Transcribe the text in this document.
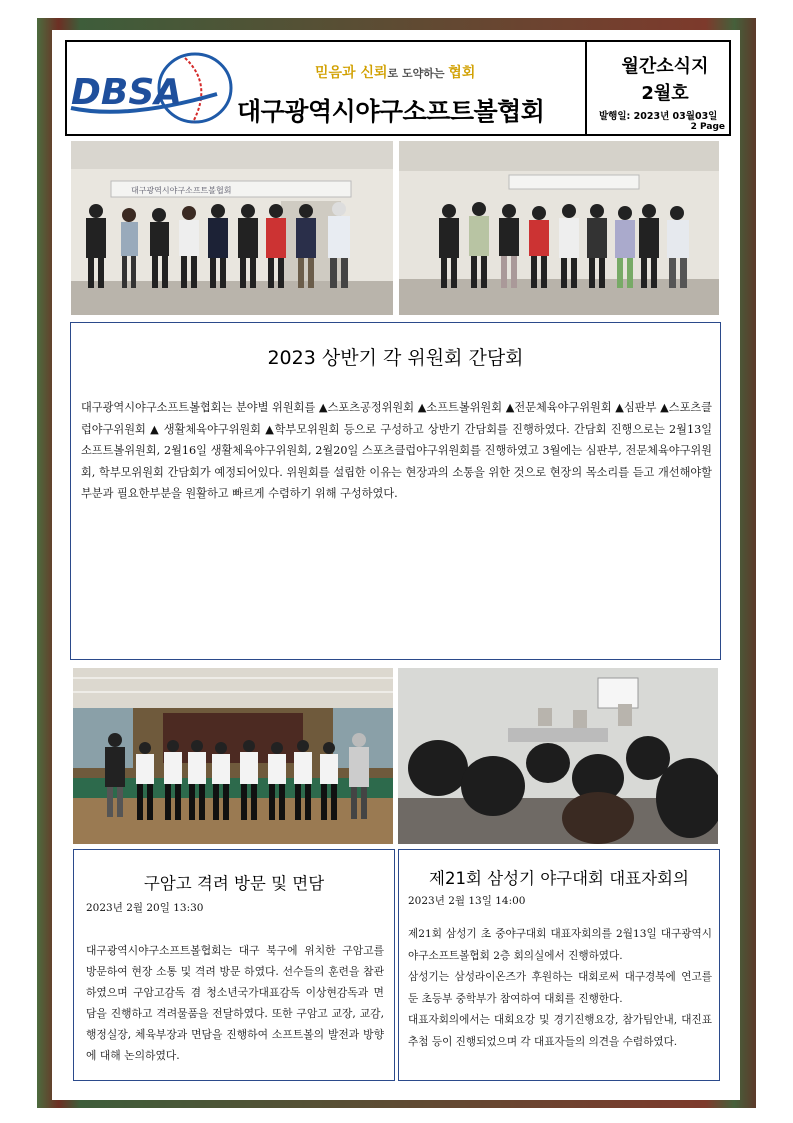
DBSA	믿음과 신뢰로 도약하는 협회
대구광역시야구소프트볼협회
월간소식지
2월호
발행일: 2023년 03월03일
2 Page
대구광역시야구소프트볼협회
2023 상반기 각 위원회 간담회
대구광역시야구소프트볼협회는 분야별 위원회를 ▲스포츠공정위원회 ▲소프트볼위원회 ▲전문체육야구위원회 ▲심판부 ▲스포츠클럽야구위원회 ▲ 생활체육야구위원회 ▲학부모위원회 등으로 구성하고 상반기 간담회를 진행하였다. 간담회 진행으로는 2월13일 소프트볼위원회, 2월16일 생활체육야구위원회, 2월20일 스포츠클럽야구위원회를 진행하였고 3월에는 심판부, 전문체육야구위원회, 학부모위원회 간담회가 예정되어있다. 위원회를 설립한 이유는 현장과의 소통을 위한 것으로 현장의 목소리를 듣고 개선해야할 부분과 필요한부분을 원활하고 빠르게 수렴하기 위해 구성하였다.
구암고 격려 방문 및 면담
2023년 2월 20일 13:30
대구광역시야구소프트볼협회는 대구 북구에 위치한 구암고를 방문하여 현장 소통 및 격려 방문 하였다. 선수들의 훈련을 참관하였으며 구암고감독 겸 청소년국가대표감독 이상현감독과 면담을 진행하고 격려물품을 전달하였다. 또한 구암고 교장, 교감, 행정실장, 체육부장과 면담을 진행하여 소프트볼의 발전과 방향에 대해 논의하였다.
제21회 삼성기 야구대회 대표자회의
2023년 2월 13일 14:00
제21회 삼성기 초 중야구대회 대표자회의를 2월13일 대구광역시야구소프트볼협회 2층 회의실에서 진행하였다.
삼성기는 삼성라이온즈가 후원하는 대회로써 대구경북에 연고를 둔 초등부 중학부가 참여하여 대회를 진행한다.
대표자회의에서는 대회요강 및 경기진행요강, 참가팀안내, 대진표 추첨 등이 진행되었으며 각 대표자들의 의견을 수렴하였다.
